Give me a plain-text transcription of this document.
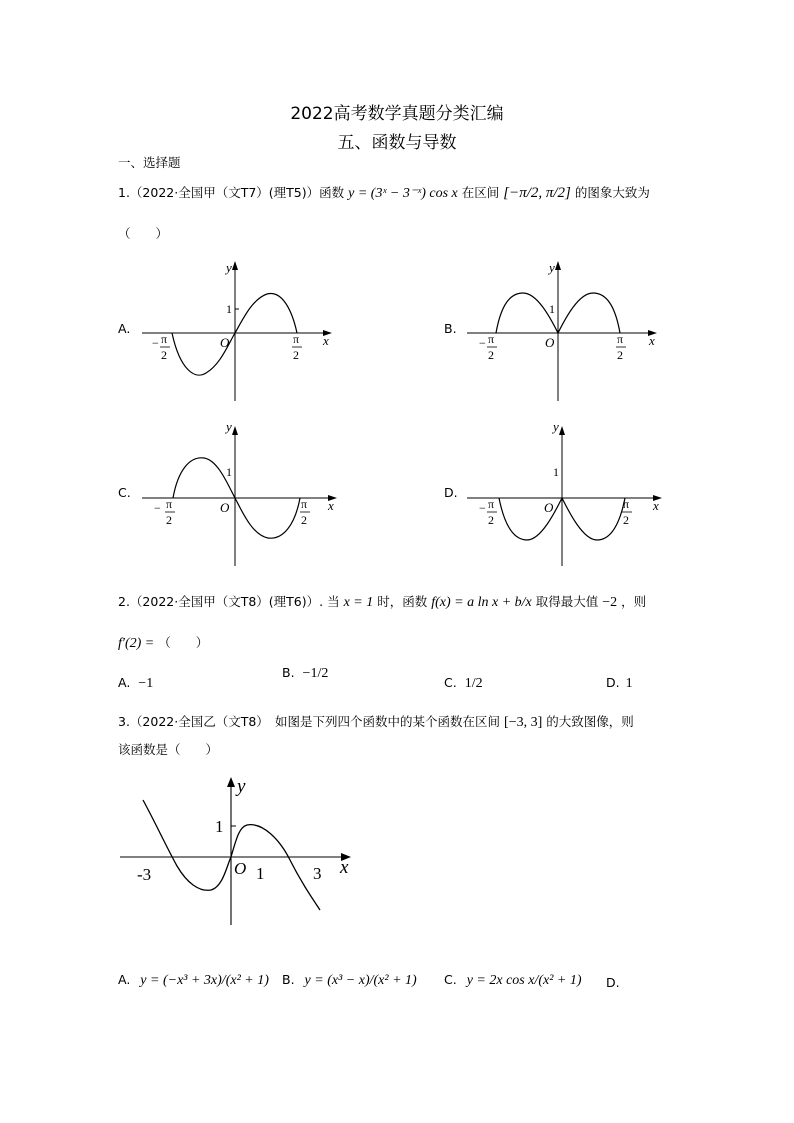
2022高考数学真题分类汇编
五、函数与导数
一、选择题
1.（2022·全国甲（文T7）(理T5)）函数 y = (3ˣ − 3⁻ˣ) cos x 在区间 [−π/2, π/2] 的图象大致为
（　　）
A.
y
x
O
1
− π
2
π
2
B.
y
x
O
1
− π
2
π
2
C.
y
x
O
1
− π
2
π
2
D.
y
x
O
1
− π
2
π
2
2.（2022·全国甲（文T8）(理T6)）. 当 x = 1 时，函数 f(x) = a ln x + b/x 取得最大值 −2 ，则
f′(2) = （　　）
A. −1
B. −1/2
C. 1/2	D. 1
3.（2022·全国乙（文T8）　如图是下列四个函数中的某个函数在区间 [−3, 3] 的大致图像，则
该函数是（　　）
y
x
O
1
-3	1	3
A. y = (−x³ + 3x)/(x² + 1) B. y = (x³ − x)/(x² + 1) C. y = 2x cos x/(x² + 1) D.
